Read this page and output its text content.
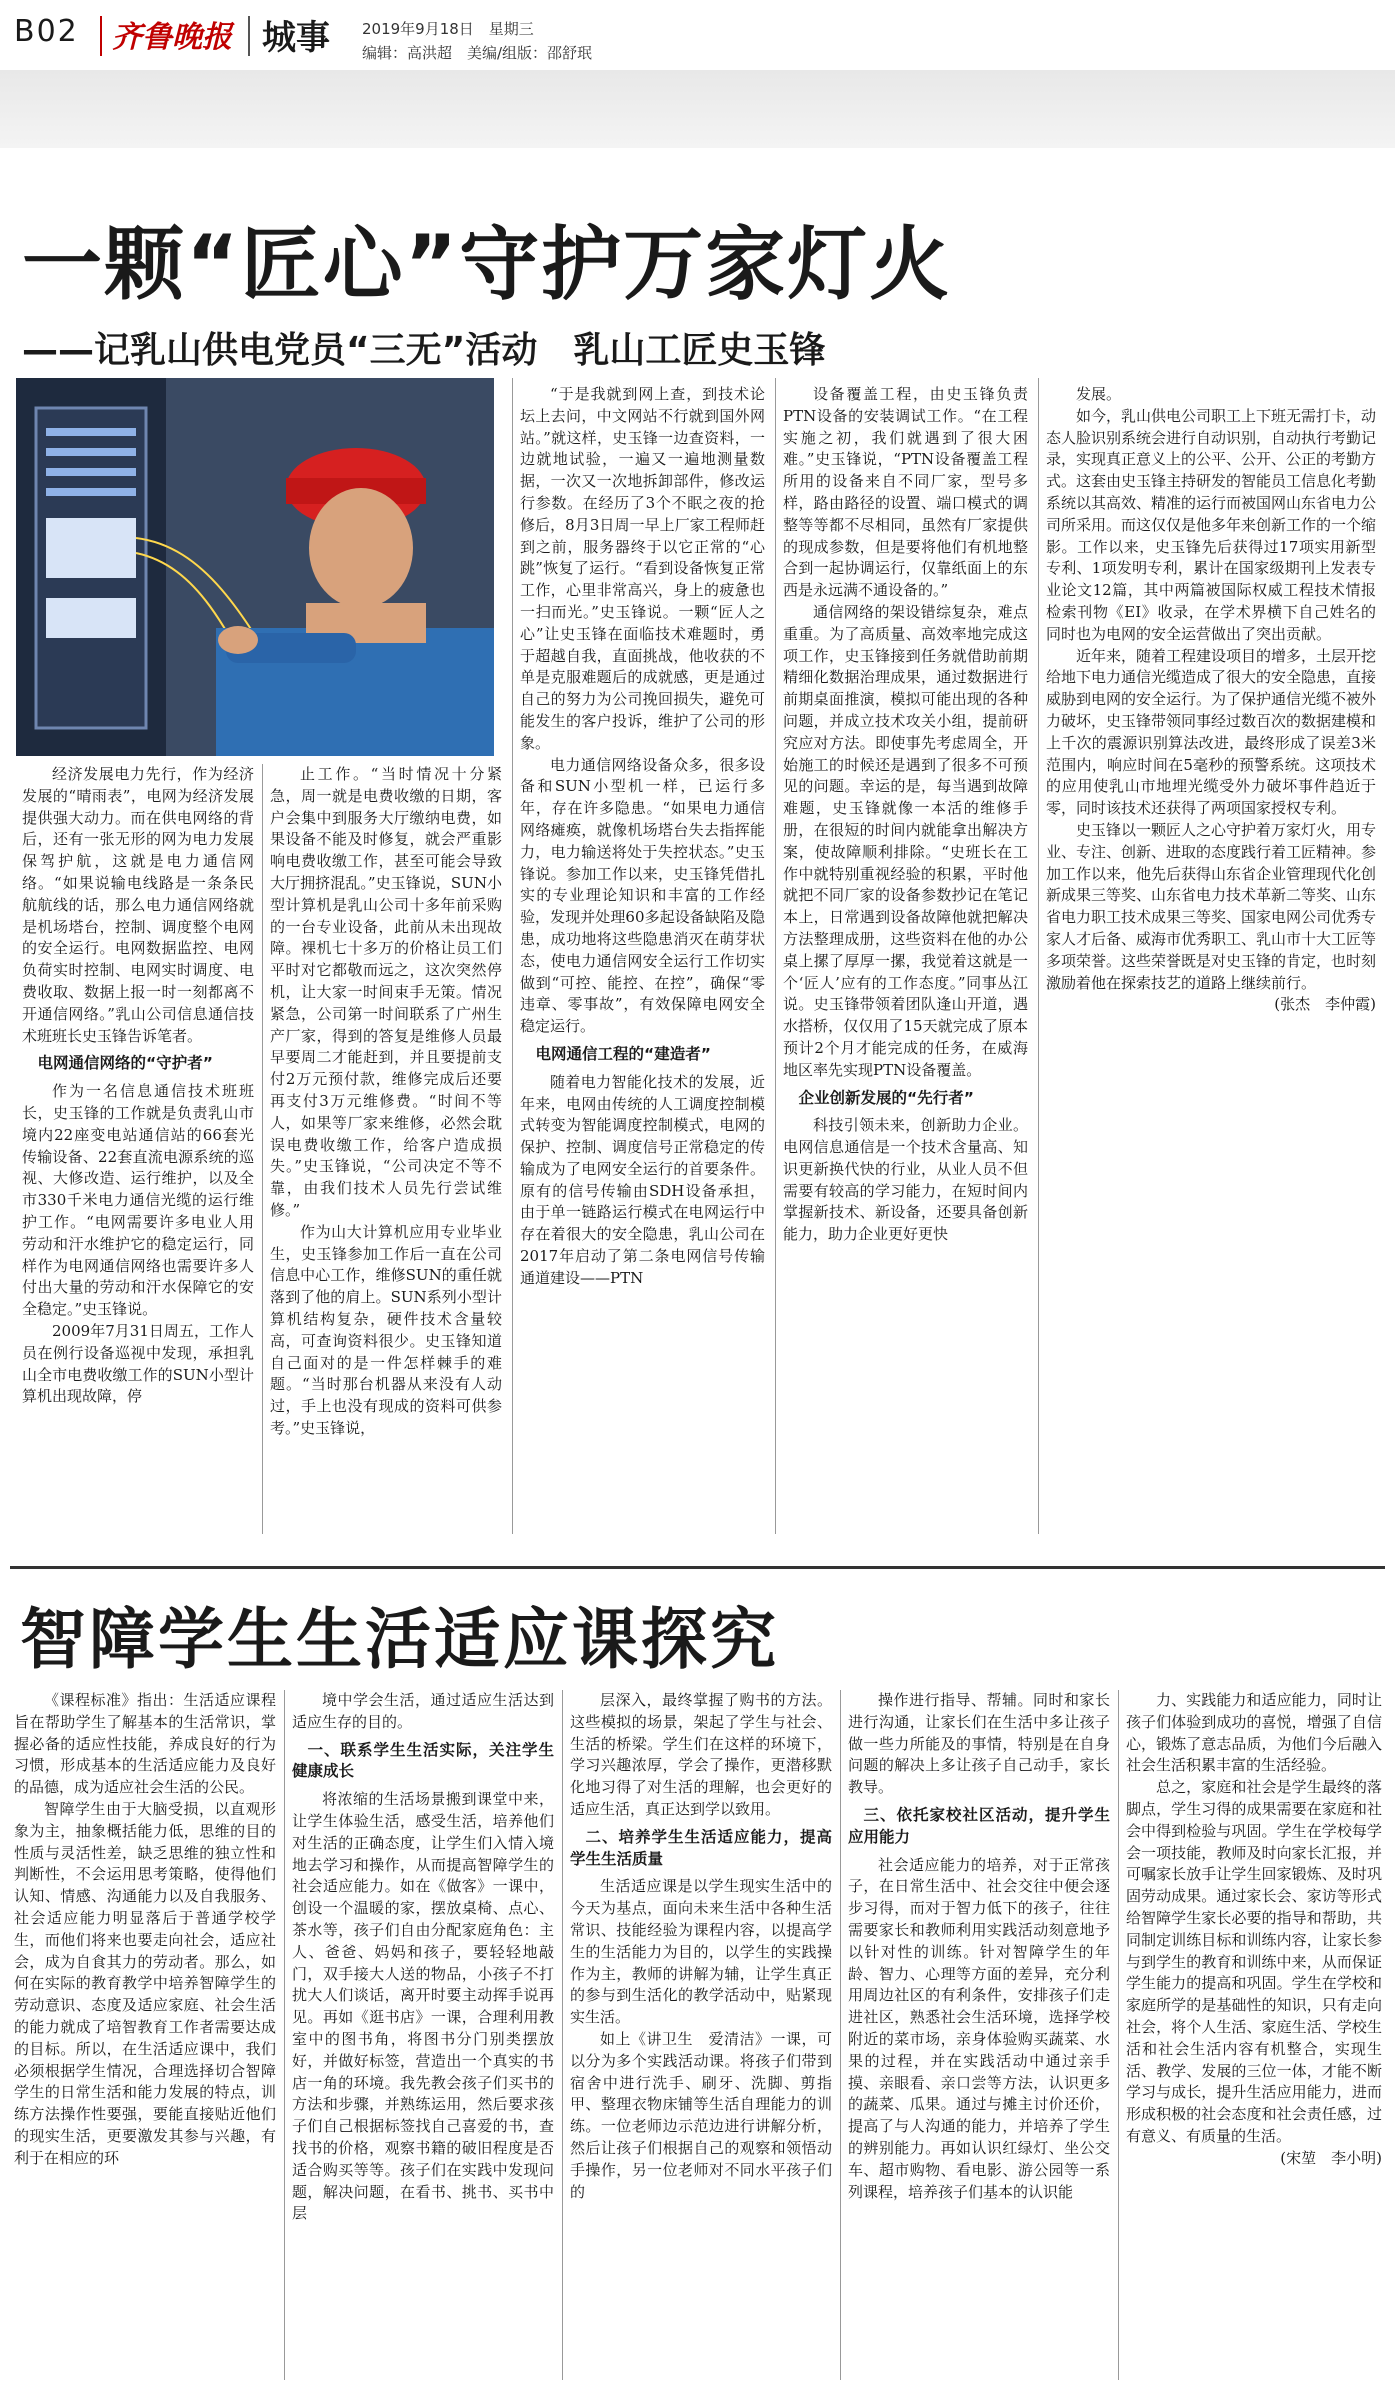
B02 齐鲁晚报 城事 2019年9月18日　星期三
编辑：高洪超　美编/组版：邵舒珉
一颗“匠心”守护万家灯火
——记乳山供电党员“三无”活动　乳山工匠史玉锋

经济发展电力先行，作为经济发展的“晴雨表”，电网为经济发展提供强大动力。而在供电网络的背后，还有一张无形的网为电力发展保驾护航，这就是电力通信网络。“如果说输电线路是一条条民航航线的话，那么电力通信网络就是机场塔台，控制、调度整个电网的安全运行。电网数据监控、电网负荷实时控制、电网实时调度、电费收取、数据上报一时一刻都离不开通信网络。”乳山公司信息通信技术班班长史玉锋告诉笔者。

电网通信网络的“守护者”

作为一名信息通信技术班班长，史玉锋的工作就是负责乳山市境内22座变电站通信站的66套光传输设备、22套直流电源系统的巡视、大修改造、运行维护，以及全市330千米电力通信光缆的运行维护工作。“电网需要许多电业人用劳动和汗水维护它的稳定运行，同样作为电网通信网络也需要许多人付出大量的劳动和汗水保障它的安全稳定。”史玉锋说。

2009年7月31日周五，工作人员在例行设备巡视中发现，承担乳山全市电费收缴工作的SUN小型计算机出现故障，停

止工作。“当时情况十分紧急，周一就是电费收缴的日期，客户会集中到服务大厅缴纳电费，如果设备不能及时修复，就会严重影响电费收缴工作，甚至可能会导致大厅拥挤混乱。”史玉锋说，SUN小型计算机是乳山公司十多年前采购的一台专业设备，此前从未出现故障。裸机七十多万的价格让员工们平时对它都敬而远之，这次突然停机，让大家一时间束手无策。情况紧急，公司第一时间联系了广州生产厂家，得到的答复是维修人员最早要周二才能赶到，并且要提前支付2万元预付款，维修完成后还要再支付3万元维修费。“时间不等人，如果等厂家来维修，必然会耽误电费收缴工作，给客户造成损失。”史玉锋说，“公司决定不等不靠，由我们技术人员先行尝试维修。”

作为山大计算机应用专业毕业生，史玉锋参加工作后一直在公司信息中心工作，维修SUN的重任就落到了他的肩上。SUN系列小型计算机结构复杂，硬件技术含量较高，可查询资料很少。史玉锋知道自己面对的是一件怎样棘手的难题。“当时那台机器从来没有人动过，手上也没有现成的资料可供参考。”史玉锋说，

“于是我就到网上查，到技术论坛上去问，中文网站不行就到国外网站。”就这样，史玉锋一边查资料，一边就地试验，一遍又一遍地测量数据，一次又一次地拆卸部件，修改运行参数。在经历了3个不眠之夜的抢修后，8月3日周一早上厂家工程师赶到之前，服务器终于以它正常的“心跳”恢复了运行。“看到设备恢复正常工作，心里非常高兴，身上的疲惫也一扫而光。”史玉锋说。一颗“匠人之心”让史玉锋在面临技术难题时，勇于超越自我，直面挑战，他收获的不单是克服难题后的成就感，更是通过自己的努力为公司挽回损失，避免可能发生的客户投诉，维护了公司的形象。

电力通信网络设备众多，很多设备和SUN小型机一样，已运行多年，存在许多隐患。“如果电力通信网络瘫痪，就像机场塔台失去指挥能力，电力输送将处于失控状态。”史玉锋说。参加工作以来，史玉锋凭借扎实的专业理论知识和丰富的工作经验，发现并处理60多起设备缺陷及隐患，成功地将这些隐患消灭在萌芽状态，使电力通信网安全运行工作切实做到“可控、能控、在控”，确保“零违章、零事故”，有效保障电网安全稳定运行。

电网通信工程的“建造者”

随着电力智能化技术的发展，近年来，电网由传统的人工调度控制模式转变为智能调度控制模式，电网的保护、控制、调度信号正常稳定的传输成为了电网安全运行的首要条件。原有的信号传输由SDH设备承担，由于单一链路运行模式在电网运行中存在着很大的安全隐患，乳山公司在2017年启动了第二条电网信号传输通道建设——PTN

设备覆盖工程，由史玉锋负责PTN设备的安装调试工作。“在工程实施之初，我们就遇到了很大困难。”史玉锋说，“PTN设备覆盖工程所用的设备来自不同厂家，型号多样，路由路径的设置、端口模式的调整等等都不尽相同，虽然有厂家提供的现成参数，但是要将他们有机地整合到一起协调运行，仅靠纸面上的东西是永远满不通设备的。”

通信网络的架设错综复杂，难点重重。为了高质量、高效率地完成这项工作，史玉锋接到任务就借助前期精细化数据治理成果，通过数据进行前期桌面推演，模拟可能出现的各种问题，并成立技术攻关小组，提前研究应对方法。即使事先考虑周全，开始施工的时候还是遇到了很多不可预见的问题。幸运的是，每当遇到故障难题，史玉锋就像一本活的维修手册，在很短的时间内就能拿出解决方案，使故障顺利排除。“史班长在工作中就特别重视经验的积累，平时他就把不同厂家的设备参数抄记在笔记本上，日常遇到设备故障他就把解决方法整理成册，这些资料在他的办公桌上摞了厚厚一摞，我觉着这就是一个‘匠人’应有的工作态度。”同事丛江说。史玉锋带领着团队逢山开道，遇水搭桥，仅仅用了15天就完成了原本预计2个月才能完成的任务，在威海地区率先实现PTN设备覆盖。

企业创新发展的“先行者”

科技引领未来，创新助力企业。电网信息通信是一个技术含量高、知识更新换代快的行业，从业人员不但需要有较高的学习能力，在短时间内掌握新技术、新设备，还要具备创新能力，助力企业更好更快

发展。

如今，乳山供电公司职工上下班无需打卡，动态人脸识别系统会进行自动识别，自动执行考勤记录，实现真正意义上的公平、公开、公正的考勤方式。这套由史玉锋主持研发的智能员工信息化考勤系统以其高效、精准的运行而被国网山东省电力公司所采用。而这仅仅是他多年来创新工作的一个缩影。工作以来，史玉锋先后获得过17项实用新型专利、1项发明专利，累计在国家级期刊上发表专业论文12篇，其中两篇被国际权威工程技术情报检索刊物《EI》收录，在学术界横下自己姓名的同时也为电网的安全运营做出了突出贡献。

近年来，随着工程建设项目的增多，土层开挖给地下电力通信光缆造成了很大的安全隐患，直接威胁到电网的安全运行。为了保护通信光缆不被外力破坏，史玉锋带领同事经过数百次的数据建模和上千次的震源识别算法改进，最终形成了误差3米范围内，响应时间在5毫秒的预警系统。这项技术的应用使乳山市地埋光缆受外力破坏事件趋近于零，同时该技术还获得了两项国家授权专利。

史玉锋以一颗匠人之心守护着万家灯火，用专业、专注、创新、进取的态度践行着工匠精神。参加工作以来，他先后获得山东省企业管理现代化创新成果三等奖、山东省电力技术革新二等奖、山东省电力职工技术成果三等奖、国家电网公司优秀专家人才后备、威海市优秀职工、乳山市十大工匠等多项荣誉。这些荣誉既是对史玉锋的肯定，也时刻激励着他在探索技艺的道路上继续前行。

(张杰　李仲霞)

智障学生生活适应课探究

《课程标准》指出：生活适应课程旨在帮助学生了解基本的生活常识，掌握必备的适应性技能，养成良好的行为习惯，形成基本的生活适应能力及良好的品德，成为适应社会生活的公民。

智障学生由于大脑受损，以直观形象为主，抽象概括能力低，思维的目的性质与灵活性差，缺乏思维的独立性和判断性，不会运用思考策略，使得他们认知、情感、沟通能力以及自我服务、社会适应能力明显落后于普通学校学生，而他们将来也要走向社会，适应社会，成为自食其力的劳动者。那么，如何在实际的教育教学中培养智障学生的劳动意识、态度及适应家庭、社会生活的能力就成了培智教育工作者需要达成的目标。所以，在生活适应课中，我们必须根据学生情况，合理选择切合智障学生的日常生活和能力发展的特点，训练方法操作性要强，要能直接贴近他们的现实生活，更要激发其参与兴趣，有利于在相应的环

境中学会生活，通过适应生活达到适应生存的目的。

一、联系学生生活实际，关注学生健康成长

将浓缩的生活场景搬到课堂中来，让学生体验生活，感受生活，培养他们对生活的正确态度，让学生们入情入境地去学习和操作，从而提高智障学生的社会适应能力。如在《做客》一课中，创设一个温暖的家，摆放桌椅、点心、茶水等，孩子们自由分配家庭角色：主人、爸爸、妈妈和孩子，要轻轻地敲门，双手接大人送的物品，小孩子不打扰大人们谈话，离开时要主动挥手说再见。再如《逛书店》一课，合理利用教室中的图书角，将图书分门别类摆放好，并做好标签，营造出一个真实的书店一角的环境。我先教会孩子们买书的方法和步骤，并熟练运用，然后要求孩子们自己根据标签找自己喜爱的书，查找书的价格，观察书籍的破旧程度是否适合购买等等。孩子们在实践中发现问题，解决问题，在看书、挑书、买书中层

层深入，最终掌握了购书的方法。这些模拟的场景，架起了学生与社会、生活的桥梁。学生们在这样的环境下，学习兴趣浓厚，学会了操作，更潜移默化地习得了对生活的理解，也会更好的适应生活，真正达到学以致用。

二、培养学生生活适应能力，提高学生生活质量

生活适应课是以学生现实生活中的今天为基点，面向未来生活中各种生活常识、技能经验为课程内容，以提高学生的生活能力为目的，以学生的实践操作为主，教师的讲解为辅，让学生真正的参与到生活化的教学活动中，贴紧现实生活。

如上《讲卫生　爱清洁》一课，可以分为多个实践活动课。将孩子们带到宿舍中进行洗手、刷牙、洗脚、剪指甲、整理衣物床铺等生活自理能力的训练。一位老师边示范边进行讲解分析，然后让孩子们根据自己的观察和领悟动手操作，另一位老师对不同水平孩子们的

操作进行指导、帮辅。同时和家长进行沟通，让家长们在生活中多让孩子做一些力所能及的事情，特别是在自身问题的解决上多让孩子自己动手，家长教导。

三、依托家校社区活动，提升学生应用能力

社会适应能力的培养，对于正常孩子，在日常生活中、社会交往中便会逐步习得，而对于智力低下的孩子，往往需要家长和教师利用实践活动刻意地予以针对性的训练。针对智障学生的年龄、智力、心理等方面的差异，充分利用周边社区的有利条件，安排孩子们走进社区，熟悉社会生活环境，选择学校附近的菜市场，亲身体验购买蔬菜、水果的过程，并在实践活动中通过亲手摸、亲眼看、亲口尝等方法，认识更多的蔬菜、瓜果。通过与摊主讨价还价，提高了与人沟通的能力，并培养了学生的辨别能力。再如认识红绿灯、坐公交车、超市购物、看电影、游公园等一系列课程，培养孩子们基本的认识能

力、实践能力和适应能力，同时让孩子们体验到成功的喜悦，增强了自信心，锻炼了意志品质，为他们今后融入社会生活积累丰富的生活经验。

总之，家庭和社会是学生最终的落脚点，学生习得的成果需要在家庭和社会中得到检验与巩固。学生在学校每学会一项技能，教师及时向家长汇报，并可嘱家长放手让学生回家锻炼、及时巩固劳动成果。通过家长会、家访等形式给智障学生家长必要的指导和帮助，共同制定训练目标和训练内容，让家长参与到学生的教育和训练中来，从而保证学生能力的提高和巩固。学生在学校和家庭所学的是基础性的知识，只有走向社会，将个人生活、家庭生活、学校生活和社会生活内容有机整合，实现生活、教学、发展的三位一体，才能不断学习与成长，提升生活应用能力，进而形成积极的社会态度和社会责任感，过有意义、有质量的生活。

(宋堃　李小明)
